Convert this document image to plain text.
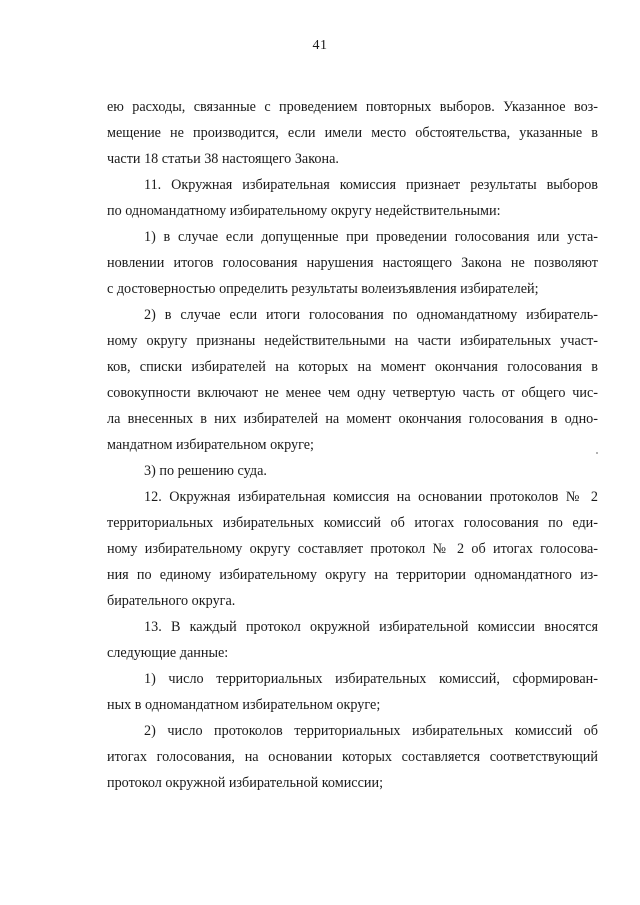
41
ею расходы, связанные с проведением повторных выборов. Указанное воз-
мещение не производится, если имели место обстоятельства, указанные в
части 18 статьи 38 настоящего Закона.
11. Окружная избирательная комиссия признает результаты выборов
по одномандатному избирательному округу недействительными:
1) в случае если допущенные при проведении голосования или уста-
новлении итогов голосования нарушения настоящего Закона не позволяют
с достоверностью определить результаты волеизъявления избирателей;
2) в случае если итоги голосования по одномандатному избиратель-
ному округу признаны недействительными на части избирательных участ-
ков, списки избирателей на которых на момент окончания голосования в
совокупности включают не менее чем одну четвертую часть от общего чис-
ла внесенных в них избирателей на момент окончания голосования в одно-
мандатном избирательном округе;
3) по решению суда.
12. Окружная избирательная комиссия на основании протоколов № 2
территориальных избирательных комиссий об итогах голосования по еди-
ному избирательному округу составляет протокол № 2 об итогах голосова-
ния по единому избирательному округу на территории одномандатного из-
бирательного округа.
13. В каждый протокол окружной избирательной комиссии вносятся
следующие данные:
1) число территориальных избирательных комиссий, сформирован-
ных в одномандатном избирательном округе;
2) число протоколов территориальных избирательных комиссий об
итогах голосования, на основании которых составляется соответствующий
протокол окружной избирательной комиссии;
